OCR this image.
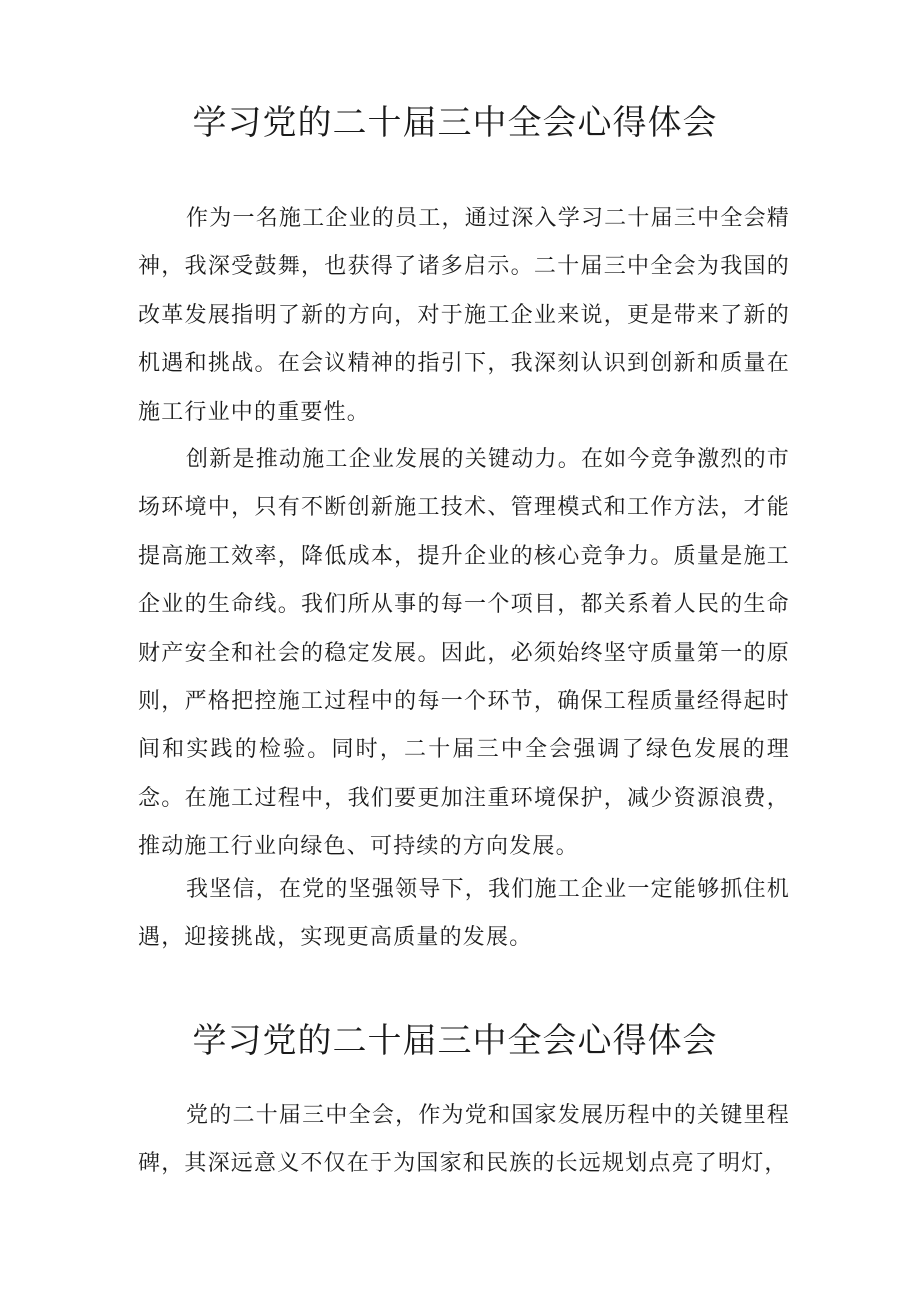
学习党的二十届三中全会心得体会

作为一名施工企业的员工，通过深入学习二十届三中全会精神，我深受鼓舞，也获得了诸多启示。二十届三中全会为我国的改革发展指明了新的方向，对于施工企业来说，更是带来了新的机遇和挑战。在会议精神的指引下，我深刻认识到创新和质量在施工行业中的重要性。

创新是推动施工企业发展的关键动力。在如今竞争激烈的市场环境中，只有不断创新施工技术、管理模式和工作方法，才能提高施工效率，降低成本，提升企业的核心竞争力。质量是施工企业的生命线。我们所从事的每一个项目，都关系着人民的生命财产安全和社会的稳定发展。因此，必须始终坚守质量第一的原则，严格把控施工过程中的每一个环节，确保工程质量经得起时间和实践的检验。同时，二十届三中全会强调了绿色发展的理念。在施工过程中，我们要更加注重环境保护，减少资源浪费，推动施工行业向绿色、可持续的方向发展。

我坚信，在党的坚强领导下，我们施工企业一定能够抓住机遇，迎接挑战，实现更高质量的发展。

学习党的二十届三中全会心得体会

党的二十届三中全会，作为党和国家发展历程中的关键里程碑，其深远意义不仅在于为国家和民族的长远规划点亮了明灯，
